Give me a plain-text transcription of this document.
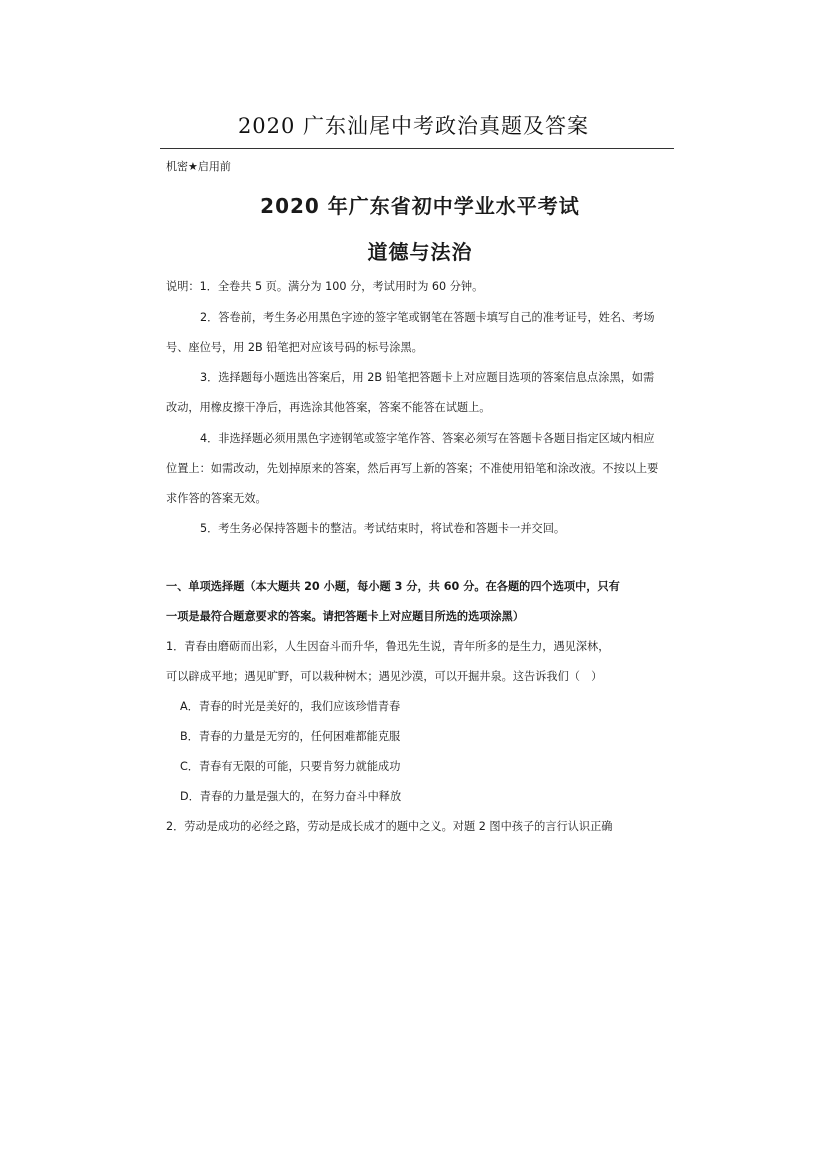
2020 广东汕尾中考政治真题及答案
机密★启用前
2020 年广东省初中学业水平考试
道德与法治
说明：1．全卷共 5 页。满分为 100 分，考试用时为 60 分钟。
2．答卷前，考生务必用黑色字迹的签字笔或钢笔在答题卡填写自己的准考证号，姓名、考场
号、座位号，用 2B 铅笔把对应该号码的标号涂黑。
3．选择题每小题选出答案后，用 2B 铅笔把答题卡上对应题目选项的答案信息点涂黑，如需
改动，用橡皮擦干净后，再选涂其他答案，答案不能答在试题上。
4．非选择题必须用黑色字迹钢笔或签字笔作答、答案必须写在答题卡各题目指定区域内相应
位置上：如需改动，先划掉原来的答案，然后再写上新的答案；不准使用铅笔和涂改液。不按以上要
求作答的答案无效。
5．考生务必保持答题卡的整洁。考试结束时，将试卷和答题卡一并交回。
一、单项选择题（本大题共 20 小题，每小题 3 分，共 60 分。在各题的四个选项中，只有
一项是最符合题意要求的答案。请把答题卡上对应题目所选的选项涂黑）
1．青春由磨砺而出彩，人生因奋斗而升华，鲁迅先生说，青年所多的是生力，遇见深林，
可以辟成平地；遇见旷野，可以栽种树木；遇见沙漠，可以开掘井泉。这告诉我们（　）
A．青春的时光是美好的，我们应该珍惜青春
B．青春的力量是无穷的，任何困难都能克服
C．青春有无限的可能，只要肯努力就能成功
D．青春的力量是强大的，在努力奋斗中释放
2．劳动是成功的必经之路，劳动是成长成才的题中之义。对题 2 图中孩子的言行认识正确
